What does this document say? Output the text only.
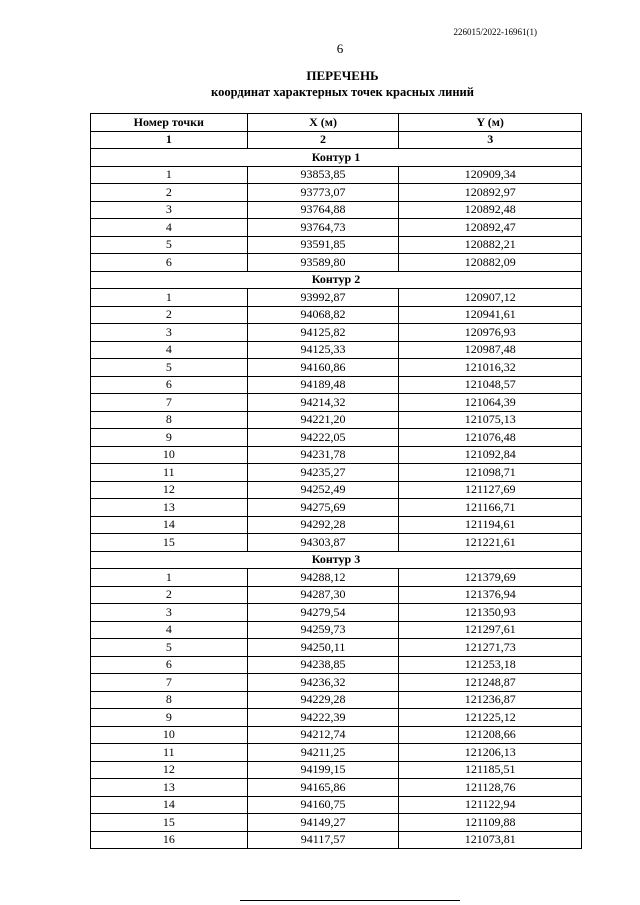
226015/2022-16961(1)
6
ПЕРЕЧЕНЬ
координат характерных точек красных линий
Номер точки	X (м)	Y (м)
1	2	3
Контур 1		
1	93853,85	120909,34
2	93773,07	120892,97
3	93764,88	120892,48
4	93764,73	120892,47
5	93591,85	120882,21
6	93589,80	120882,09
Контур 2		
1	93992,87	120907,12
2	94068,82	120941,61
3	94125,82	120976,93
4	94125,33	120987,48
5	94160,86	121016,32
6	94189,48	121048,57
7	94214,32	121064,39
8	94221,20	121075,13
9	94222,05	121076,48
10	94231,78	121092,84
11	94235,27	121098,71
12	94252,49	121127,69
13	94275,69	121166,71
14	94292,28	121194,61
15	94303,87	121221,61
Контур 3		
1	94288,12	121379,69
2	94287,30	121376,94
3	94279,54	121350,93
4	94259,73	121297,61
5	94250,11	121271,73
6	94238,85	121253,18
7	94236,32	121248,87
8	94229,28	121236,87
9	94222,39	121225,12
10	94212,74	121208,66
11	94211,25	121206,13
12	94199,15	121185,51
13	94165,86	121128,76
14	94160,75	121122,94
15	94149,27	121109,88
16	94117,57	121073,81
